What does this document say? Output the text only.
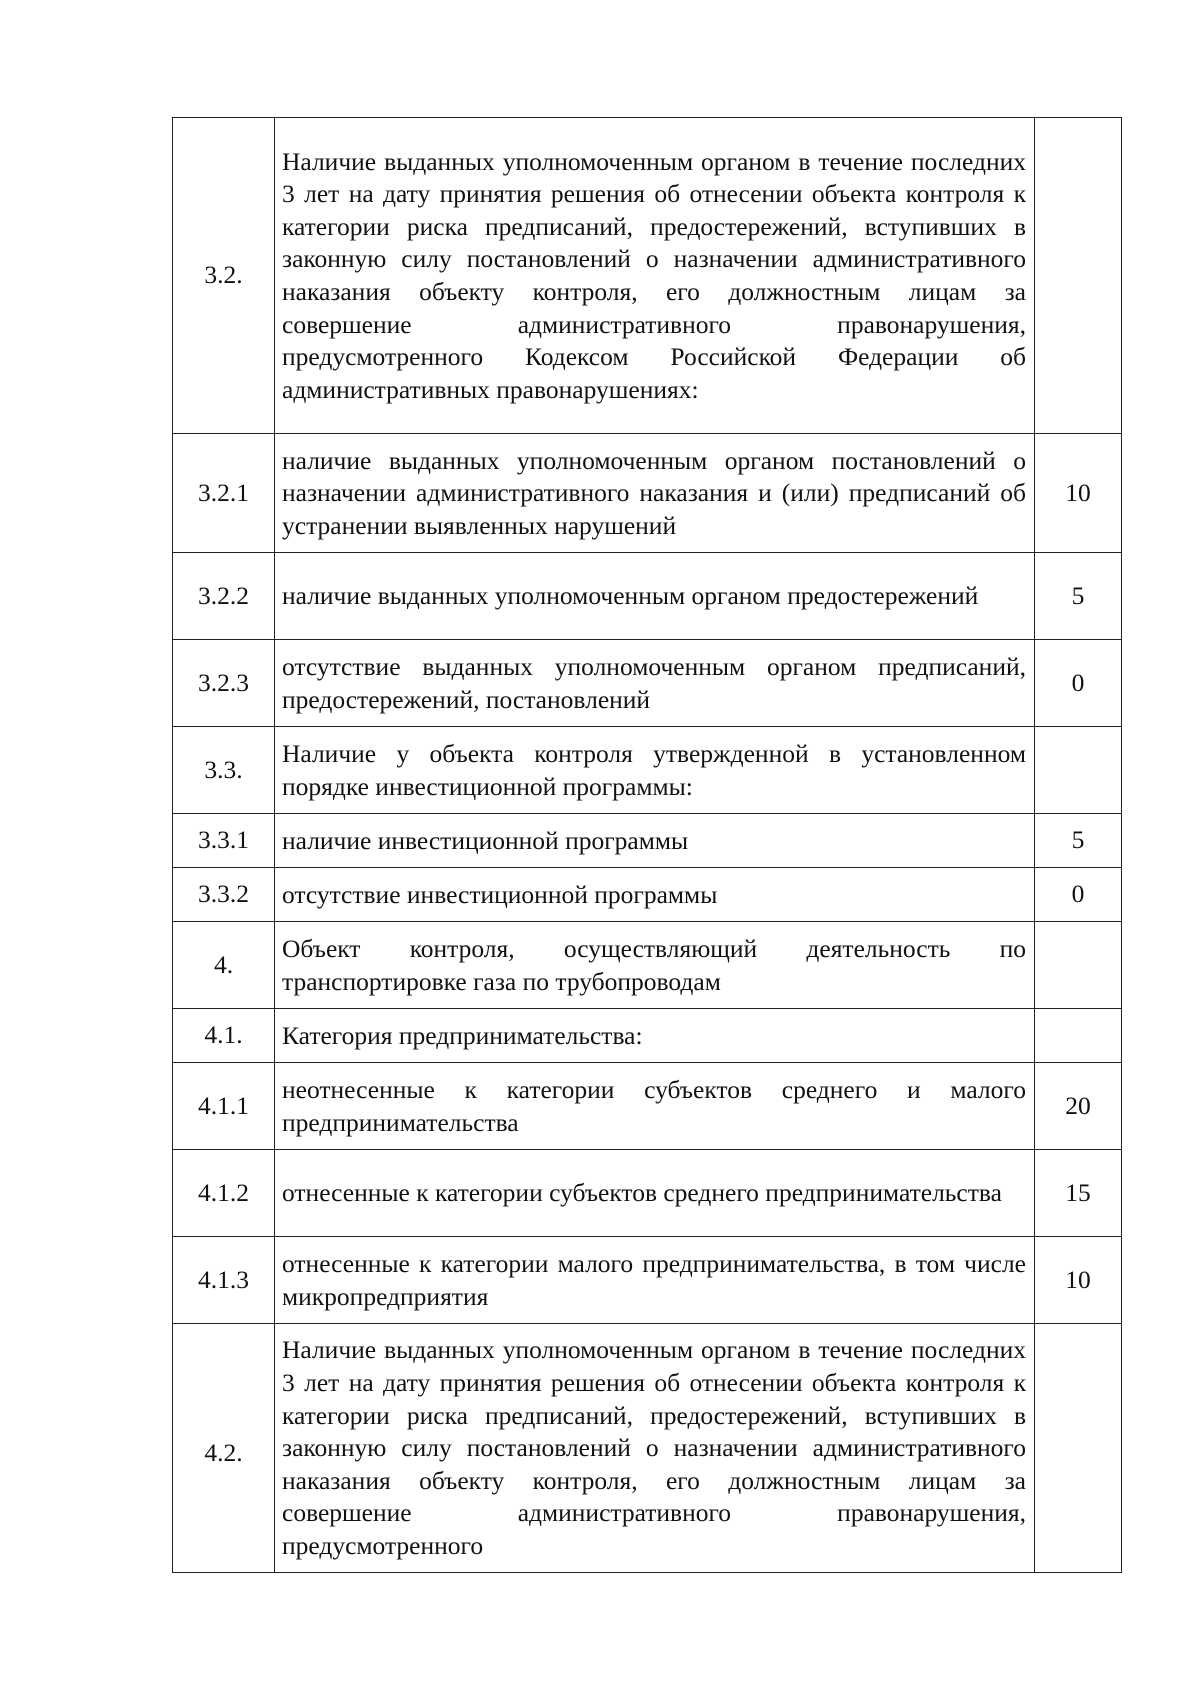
3.2.	Наличие выданных уполномоченным органом в течение последних 3 лет на дату принятия решения об отнесении объекта контроля к категории риска предписаний, предостережений, вступивших в законную силу постановлений о назначении административного наказания объекту контроля, его должностным лицам за совершение административного правонарушения, предусмотренного Кодексом Российской Федерации об административных правонарушениях:	
3.2.1	наличие выданных уполномоченным органом постановлений о назначении административного наказания и (или) предписаний об устранении выявленных нарушений	10
3.2.2	наличие выданных уполномоченным органом предостережений	5
3.2.3	отсутствие выданных уполномоченным органом предписаний, предостережений, постановлений	0
3.3.	Наличие у объекта контроля утвержденной в установленном порядке инвестиционной программы:	
3.3.1	наличие инвестиционной программы	5
3.3.2	отсутствие инвестиционной программы	0
4.	Объект контроля, осуществляющий деятельность по транспортировке газа по трубопроводам	
4.1.	Категория предпринимательства:	
4.1.1	неотнесенные к категории субъектов среднего и малого предпринимательства	20
4.1.2	отнесенные к категории субъектов среднего предпринимательства	15
4.1.3	отнесенные к категории малого предпринимательства, в том числе микропредприятия	10
4.2.	Наличие выданных уполномоченным органом в течение последних 3 лет на дату принятия решения об отнесении объекта контроля к категории риска предписаний, предостережений, вступивших в законную силу постановлений о назначении административного наказания объекту контроля, его должностным лицам за совершение административного правонарушения, предусмотренного	
